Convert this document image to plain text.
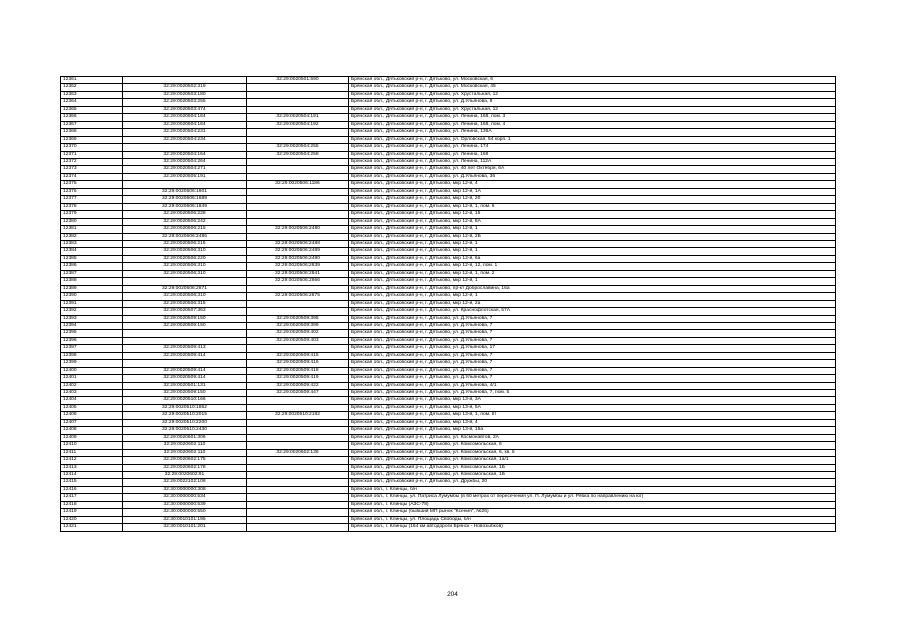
12361		32:29:0020501:590	Брянская обл., Дятьковский р-н, г. Дятьково, ул. Московская, 6
12362	32:29:0020502:319		Брянская обл., Дятьковский р-н, г. Дятьково, ул. Московская, 45
12363	32:29:0020503:180		Брянская обл., Дятьковский р-н, г. Дятьково, ул. Хрустальная, 12
12364	32:29:0020503:255		Брянская обл., Дятьковский р-н, г. Дятьково, ул. Д.Ульянова, 8
12365	32:29:0020503:474		Брянская обл., Дятьковский р-н, г. Дятьково, ул. Хрустальная, 12
12366	32:29:0020504:164	32:29:0020504:191	Брянская обл., Дятьковский р-н, г. Дятьково, ул. Ленина, 168, пом. 3
12367	32:29:0020504:164	32:29:0020504:192	Брянская обл., Дятьковский р-н, г. Дятьково, ул. Ленина, 168, пом. 4
12368	32:29:0020504:231		Брянская обл., Дятьковский р-н, г. Дятьково, ул. Ленина, 136А
12369	32:29:0020504:234		Брянская обл., Дятьковский р-н, г. Дятьково, ул. Орловская, 54 корп. 1
12370		32:29:0020504:255	Брянская обл., Дятьковский р-н, г. Дятьково, ул. Ленина, 174
12371	32:29:0020504:164	32:29:0020504:258	Брянская обл., Дятьковский р-н, г. Дятьково, ул. Ленина, 168
12372	32:29:0020504:264		Брянская обл., Дятьковский р-н, г. Дятьково, ул. Ленина, 112А
12373	32:29:0020504:271		Брянская обл., Дятьковский р-н, г. Дятьково, ул. 40 лет Октября, 6А
12374	32:29:0020505:191		Брянская обл., Дятьковский р-н, г. Дятьково, ул. Д.Ульянова, 36
12375		32:29:0020506:1186	Брянская обл., Дятьковский р-н, г. Дятьково, мкр 12-й, 4
12376	32:29:0020506:1601		Брянская обл., Дятьковский р-н, г. Дятьково, мкр 12-й, 1А
12377	32:29:0020506:1689		Брянская обл., Дятьковский р-н, г. Дятьково, мкр 12-й, 20
12378	32:29:0020506:1849		Брянская обл., Дятьковский р-н, г. Дятьково, мкр 12-й, 1, пом. 6
12379	32:29:0020506:228		Брянская обл., Дятьковский р-н, г. Дятьково, мкр 12-й, 15
12380	32:29:0020506:242		Брянская обл., Дятьковский р-н, г. Дятьково, мкр 12-й, 8А
12381	32:29:0020506:215	32:29:0020506:2480	Брянская обл., Дятьковский р-н, г. Дятьково, мкр 12-й, 1
12382	32:29:0020506:2486		Брянская обл., Дятьковский р-н, г. Дятьково, мкр 12-й, 2Б
12383	32:29:0020506:215	32:29:0020506:2488	Брянская обл., Дятьковский р-н, г. Дятьково, мкр 12-й, 1
12384	32:29:0020506:310	32:29:0020506:2489	Брянская обл., Дятьковский р-н, г. Дятьково, мкр 12-й, 1
12385	32:29:0020506:220	32:29:0020506:2490	Брянская обл., Дятьковский р-н, г. Дятьково, мкр 12-й, 6а
12386	32:29:0020506:310	32:29:0020506:2839	Брянская обл., Дятьковский р-н, г. Дятьково, мкр 12-й, 12, пом. 1
12387	32:29:0020506:310	32:29:0020506:2841	Брянская обл., Дятьковский р-н, г. Дятьково, мкр 12-й, 1, пом. 2
12388		32:29:0020506:2866	Брянская обл., Дятьковский р-н, г. Дятьково, мкр 12-й, 1
12389	32:29:0020506:2871		Брянская обл., Дятьковский р-н, г. Дятьково, пр-кт Доброславина, 16а
12390	32:29:0020506:310	32:29:0020506:2875	Брянская обл., Дятьковский р-н, г. Дятьково, мкр 12-й, 1
12391	32:29:0020506:315		Брянская обл., Дятьковский р-н, г. Дятьково, мкр 12-й, 2а
12392	32:29:0020507:363		Брянская обл., Дятьковский р-н, г. Дятьково, ул. Краснофлотская, 57А
12393	32:29:0020509:150	32:29:0020509:395	Брянская обл., Дятьковский р-н, г. Дятьково, ул. Д.Ульянова, 7
12394	32:29:0020509:150	32:29:0020509:399	Брянская обл., Дятьковский р-н, г. Дятьково, ул. Д.Ульянова, 7
12395		32:29:0020509:402	Брянская обл., Дятьковский р-н, г. Дятьково, ул. Д.Ульянова, 7
12396		32:29:0020509:403	Брянская обл., Дятьковский р-н, г. Дятьково, ул. Д.Ульянова, 7
12397	32:29:0020509:413		Брянская обл., Дятьковский р-н, г. Дятьково, ул. Д.Ульянова, 17
12398	32:29:0020509:414	32:29:0020509:415	Брянская обл., Дятьковский р-н, г. Дятьково, ул. Д.Ульянова, 7
12399		32:29:0020509:416	Брянская обл., Дятьковский р-н, г. Дятьково, ул. Д.Ульянова, 7
12400	32:29:0020509:414	32:29:0020509:418	Брянская обл., Дятьковский р-н, г. Дятьково, ул. Д.Ульянова, 7
12401	32:29:0020509:414	32:29:0020509:419	Брянская обл., Дятьковский р-н, г. Дятьково, ул. Д.Ульянова, 7
12402	32:29:0020501:131	32:29:0020509:422	Брянская обл., Дятьковский р-н, г. Дятьково, ул. Д.Ульянова, 4/1
12403	32:29:0020509:150	32:29:0020509:447	Брянская обл., Дятьковский р-н, г. Дятьково, ул. Д.Ульянова, 7, пом. 5
12404	32:29:0020510:166		Брянская обл., Дятьковский р-н, г. Дятьково, мкр 13-й, 3А
12405	32:29:0020510:1862		Брянская обл., Дятьковский р-н, г. Дятьково, мкр 13-й, 5А
12406	32:29:0020510:2015	32:29:0020510:2182	Брянская обл., Дятьковский р-н, г. Дятьково, мкр 13-й, 1, пом. III
12407	32:29:0020510:2200		Брянская обл., Дятьковский р-н, г. Дятьково, мкр 13-й, 4
12408	32:29:0020510:2430		Брянская обл., Дятьковский р-н, г. Дятьково, мкр 13-й, 15а
12409	32:29:0020601:306		Брянская обл., Дятьковский р-н, г. Дятьково, ул. Космонавтов, 2А
12410	32:29:0020602:110		Брянская обл., Дятьковский р-н, г. Дятьково, ул. Комсомольская, 6
12411	32:29:0020602:110	32:29:0020602:136	Брянская обл., Дятьковский р-н, г. Дятьково, ул. Комсомольская, 6, кв. 5
12412	32:29:0020602:175		Брянская обл., Дятьковский р-н, г. Дятьково, ул. Комсомольская, 1а/1
12413	32:29:0020602:178		Брянская обл., Дятьковский р-н, г. Дятьково, ул. Комсомольская, 1Б
12414	32:29:0020602:91		Брянская обл., Дятьковский р-н, г. Дятьково, ул. Комсомольская, 1Б
12415	32:29:0022102:108		Брянская обл., Дятьковский р-н, г. Дятьково, ул. Дружбы, 20
12416	32:30:0000000:308		Брянская обл., г. Клинцы, б/н
12417	32:30:0000000:534		Брянская обл., г. Клинцы, ул. Патриса Лумумбы (в 60 метрах от пересечения ул. П. Лумумбы и ул. Рябка по направлению на юг)
12418	32:30:0000000:539		Брянская обл., г. Клинцы (АЗС-78)
12419	32:30:0000000:550		Брянская обл., г. Клинцы (бывший МП рынок "Ксения", №26)
12420	32:30:0010101:195		Брянская обл., г. Клинцы, ул. Площадь Свободы, б/н
12421	32:30:0010101:201		Брянская обл., г. Клинцы (164 км автодороги Брянск - Новозыбков)
204
